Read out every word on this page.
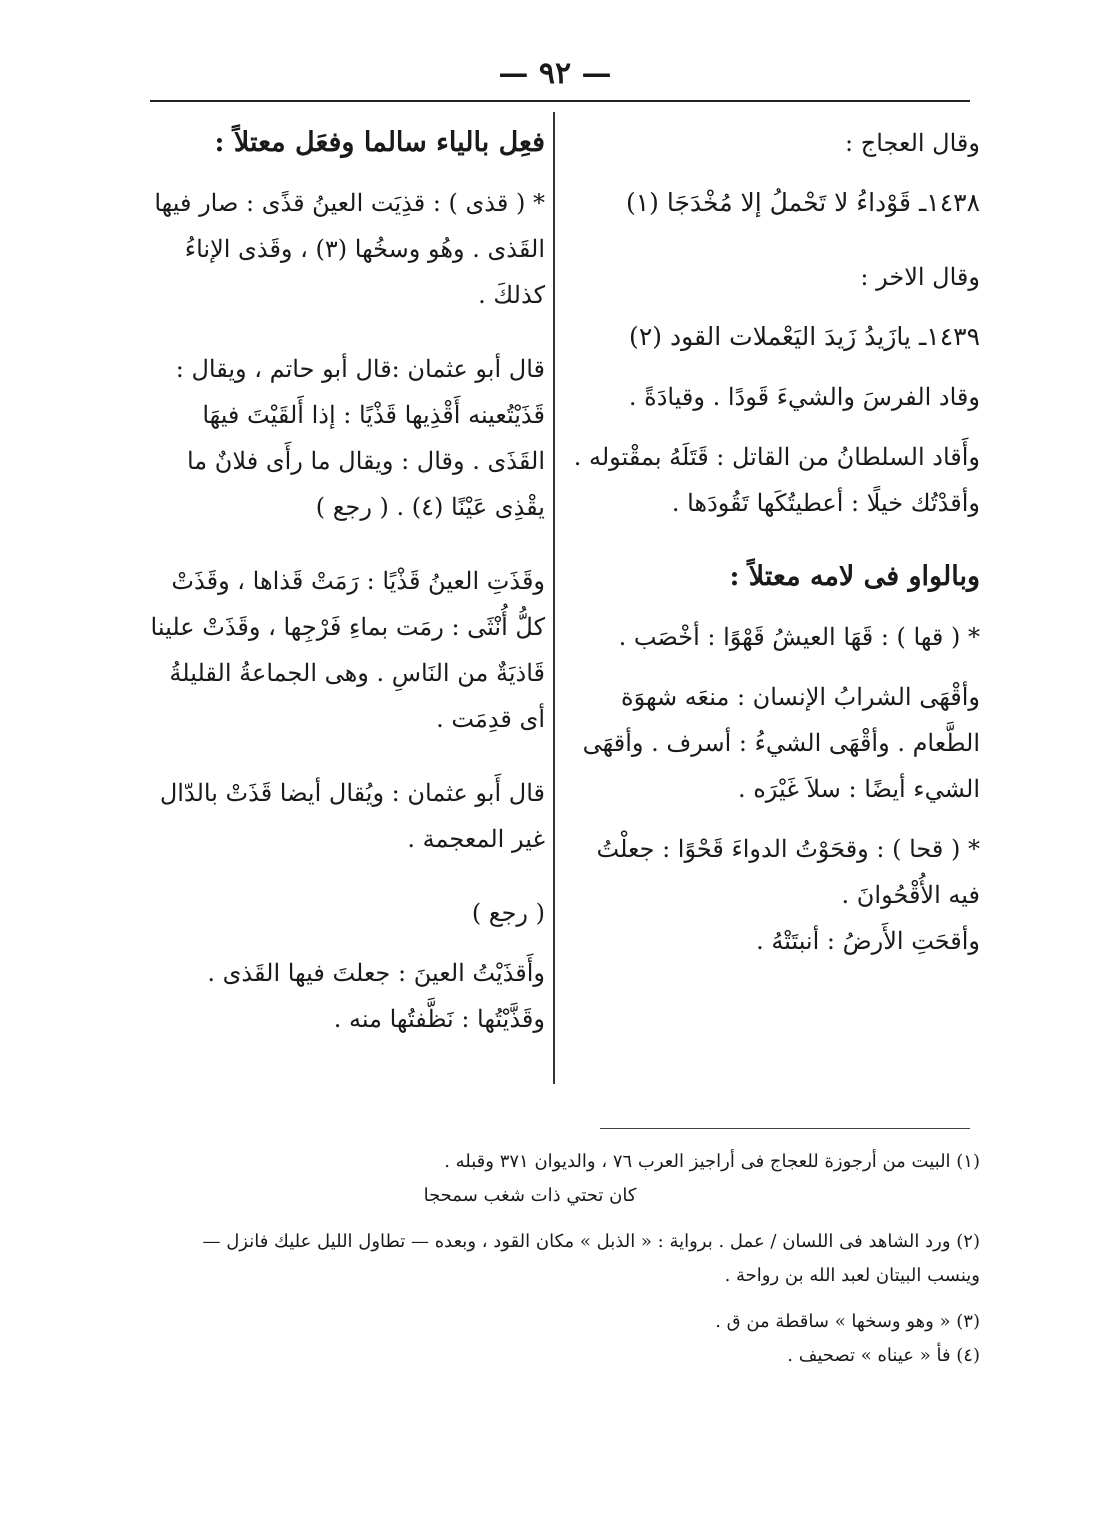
— ٩٢ —

وقال العجاج :

١٤٣٨ـ قَوْداءُ لا تَحْملُ إلا مُخْدَجَا (١)

وقال الاخر :

١٤٣٩ـ يازَيدُ زَيدَ اليَعْملات القود (٢)

وقاد الفرسَ والشيءَ قَودًا . وقيادَةً .

وأَقاد السلطانُ من القاتل : قَتَلَهُ بمقْتوله . وأقدْتُك خيلًا : أعطيتُكَها تَقُودَها .

وبالواو فى لامه معتلاً :

* ( قها ) : قَهَا العيشُ قَهْوًا : أخْصَب .

وأقْهَى الشرابُ الإنسان : منعَه شهوَة الطَّعام . وأقْهَى الشيءُ : أسرف . وأقهَى الشيء أيضًا : سلاَ غَيْرَه .

* ( قحا ) : وقحَوْتُ الدواءَ قَحْوًا : جعلْتُ فيه الأُقْحُوانَ .

وأقحَتِ الأَرضُ : أنبتَتْهُ .

فعِل بالياء سالما وفعَل معتلاً :

* ( قذى ) : قذِيَت العينُ قذًى : صار فيها القَذى . وهُو وسخُها (٣) ، وقَذى الإناءُ كذلكَ .

قال أبو عثمان :قال أبو حاتم ، ويقال : قَذَيْتُعينه أَقْذِيها قَذْيًا : إذا أَلقَيْتَ فيهَا القَذَى . وقال : ويقال ما رأَى فلانٌ ما يقْذِى عَيْنًا (٤) . ( رجع )

وقَذَتِ العينُ قَذْيًا : رَمَتْ قَذاها ، وقَذَتْ كلُّ أُنْثَى : رمَت بماءِ فَرْجِها ، وقَذَتْ علينا قَاذيَةٌ من النَاسِ . وهى الجماعةُ القليلةُ أى قدِمَت .

قال أَبو عثمان : ويُقال أيضا قَذَتْ بالدّال غير المعجمة .

( رجع )

وأَقذَيْتُ العينَ : جعلتَ فيها القَذى . وقَذَّيْتُها : نَظَّفتُها منه .

(١) البيت من أرجوزة للعجاج فى أراجيز العرب ٧٦ ، والديوان ٣٧١ وقبله .

كان تحتي ذات شغب سمحجا

(٢) ورد الشاهد فى اللسان / عمل . برواية : « الذبل » مكان القود ، وبعده — تطاول الليل عليك فانزل — وينسب البيتان لعبد الله بن رواحة .

(٣) « وهو وسخها » ساقطة من ق .

(٤) فأ « عيناه » تصحيف .
